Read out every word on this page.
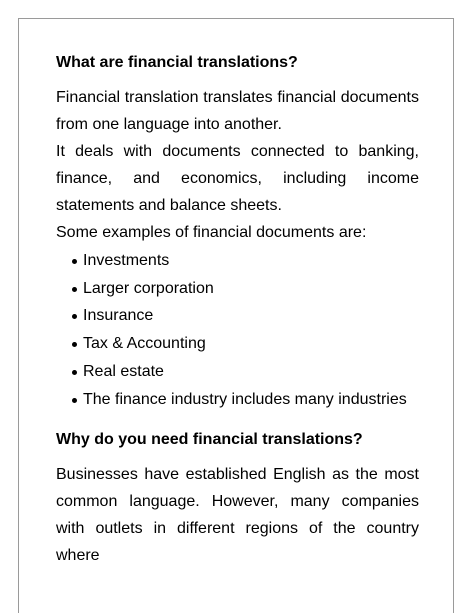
What are financial translations?

Financial translation translates financial documents from one language into another.

It deals with documents connected to banking, finance, and economics, including income statements and balance sheets.

Some examples of financial documents are:

Investments
Larger corporation
Insurance
Tax & Accounting
Real estate
The finance industry includes many industries
Why do you need financial translations?

Businesses have established English as the most common language. However, many companies with outlets in different regions of the country where
